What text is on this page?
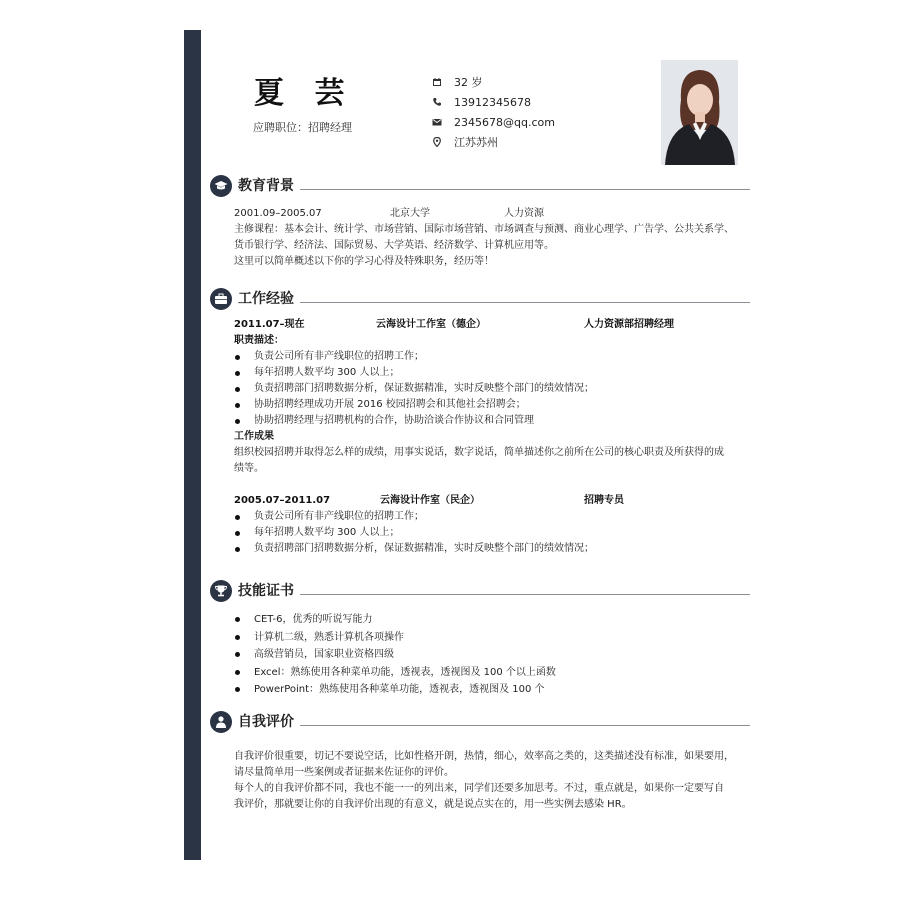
夏 芸
应聘职位：招聘经理
32 岁
13912345678
2345678@qq.com
江苏苏州
教育背景
2001.09–2005.07	北京大学	人力资源
主修课程：基本会计、统计学、市场营销、国际市场营销、市场调查与预测、商业心理学、广告学、公共关系学、
货币银行学、经济法、国际贸易、大学英语、经济数学、计算机应用等。
这里可以简单概述以下你的学习心得及特殊职务，经历等！
工作经验
2011.07–现在	云海设计工作室（德企）	人力资源部招聘经理
职责描述：
负责公司所有非产线职位的招聘工作；
每年招聘人数平均 300 人以上；
负责招聘部门招聘数据分析，保证数据精准，实时反映整个部门的绩效情况；
协助招聘经理成功开展 2016 校园招聘会和其他社会招聘会；
协助招聘经理与招聘机构的合作，协助洽谈合作协议和合同管理
工作成果
组织校园招聘并取得怎么样的成绩，用事实说话，数字说话，简单描述你之前所在公司的核心职责及所获得的成
绩等。
2005.07–2011.07	云海设计作室（民企）	招聘专员
负责公司所有非产线职位的招聘工作；
每年招聘人数平均 300 人以上；
负责招聘部门招聘数据分析，保证数据精准，实时反映整个部门的绩效情况；
技能证书
CET-6，优秀的听说写能力
计算机二级，熟悉计算机各项操作
高级营销员，国家职业资格四级
Excel：熟练使用各种菜单功能，透视表，透视图及 100 个以上函数
PowerPoint：熟练使用各种菜单功能，透视表，透视图及 100 个
自我评价
自我评价很重要，切记不要说空话，比如性格开朗，热情，细心，效率高之类的，这类描述没有标准，如果要用，
请尽量简单用一些案例或者证据来佐证你的评价。
每个人的自我评价都不同，我也不能一一的列出来，同学们还要多加思考。不过，重点就是，如果你一定要写自
我评价，那就要让你的自我评价出现的有意义，就是说点实在的，用一些实例去感染 HR。
